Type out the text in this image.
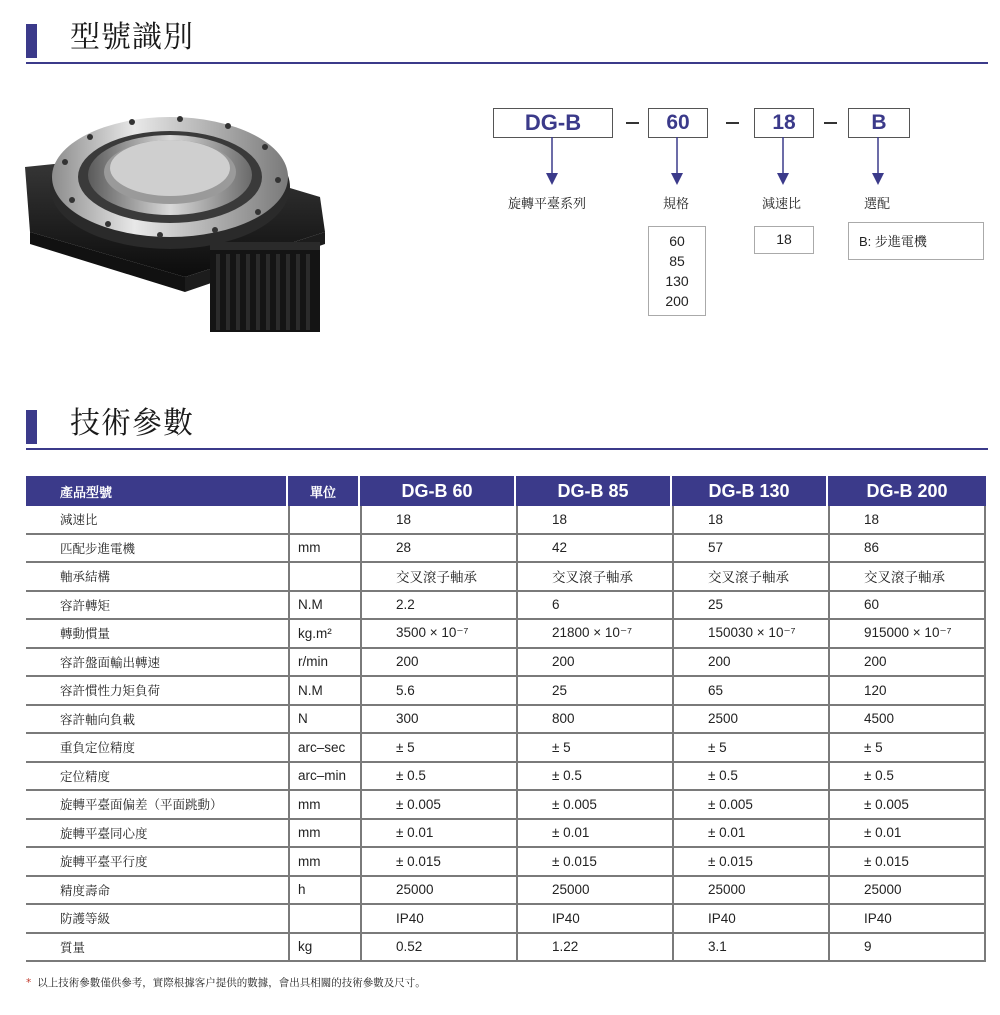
型號識別
DG-B	60	18	B
旋轉平臺系列	規格	減速比	選配
60
85
130
200
18	B: 步進電機
技術參數
產品型號	單位	DG-B 60	DG-B 85	DG-B 130	DG-B 200
減速比		18	18	18	18
匹配步進電機	mm	28	42	57	86
軸承結構		交叉滾子軸承	交叉滾子軸承	交叉滾子軸承	交叉滾子軸承
容許轉矩	N.M	2.2	6	25	60
轉動慣量	kg.m²	3500 × 10⁻⁷	21800 × 10⁻⁷	150030 × 10⁻⁷	915000 × 10⁻⁷
容許盤面輸出轉速	r/min	200	200	200	200
容許慣性力矩負荷	N.M	5.6	25	65	120
容許軸向負載	N	300	800	2500	4500
重負定位精度	arc–sec	± 5	± 5	± 5	± 5
定位精度	arc–min	± 0.5	± 0.5	± 0.5	± 0.5
旋轉平臺面偏差（平面跳動）	mm	± 0.005	± 0.005	± 0.005	± 0.005
旋轉平臺同心度	mm	± 0.01	± 0.01	± 0.01	± 0.01
旋轉平臺平行度	mm	± 0.015	± 0.015	± 0.015	± 0.015
精度壽命	h	25000	25000	25000	25000
防護等級		IP40	IP40	IP40	IP40
質量	kg	0.52	1.22	3.1	9
* 以上技術參數僅供參考，實際根據客户提供的數據，會出具相關的技術參數及尺寸。
